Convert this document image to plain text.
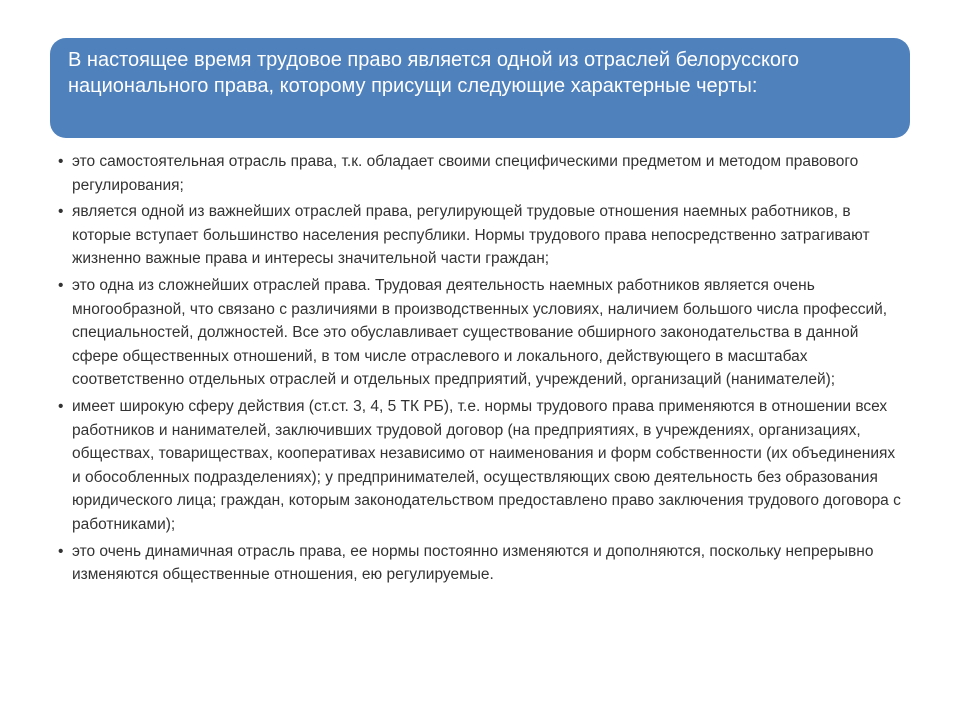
В настоящее время трудовое право является одной из отраслей белорусского национального права, которому присущи следующие характерные черты:
• это самостоятельная отрасль права, т.к. обладает своими специфическими предметом и методом правового регулирования;
• является одной из важнейших отраслей права, регулирующей трудовые отношения наемных работников, в которые вступает большинство населения республики. Нормы трудового права непосредственно затрагивают жизненно важные права и интересы значительной части граждан;
• это одна из сложнейших отраслей права. Трудовая деятельность наемных работников является очень многообразной, что связано с различиями в производственных условиях, наличием большого числа профессий, специальностей, должностей. Все это обуславливает существование обширного законодательства в данной сфере общественных отношений, в том числе отраслевого и локального, действующего в масштабах соответственно отдельных отраслей и отдельных предприятий, учреждений, организаций (нанимателей);
• имеет широкую сферу действия (ст.ст. 3, 4, 5 ТК РБ), т.е. нормы трудового права применяются в отношении всех работников и нанимателей, заключивших трудовой договор (на предприятиях, в учреждениях, организациях, обществах, товариществах, кооперативах независимо от наименования и форм собственности (их объединениях и обособленных подразделениях); у предпринимателей, осуществляющих свою деятельность без образования юридического лица; граждан, которым законодательством предоставлено право заключения трудового договора с работниками);
• это очень динамичная отрасль права, ее нормы постоянно изменяются и дополняются, поскольку непрерывно изменяются общественные отношения, ею регулируемые.
